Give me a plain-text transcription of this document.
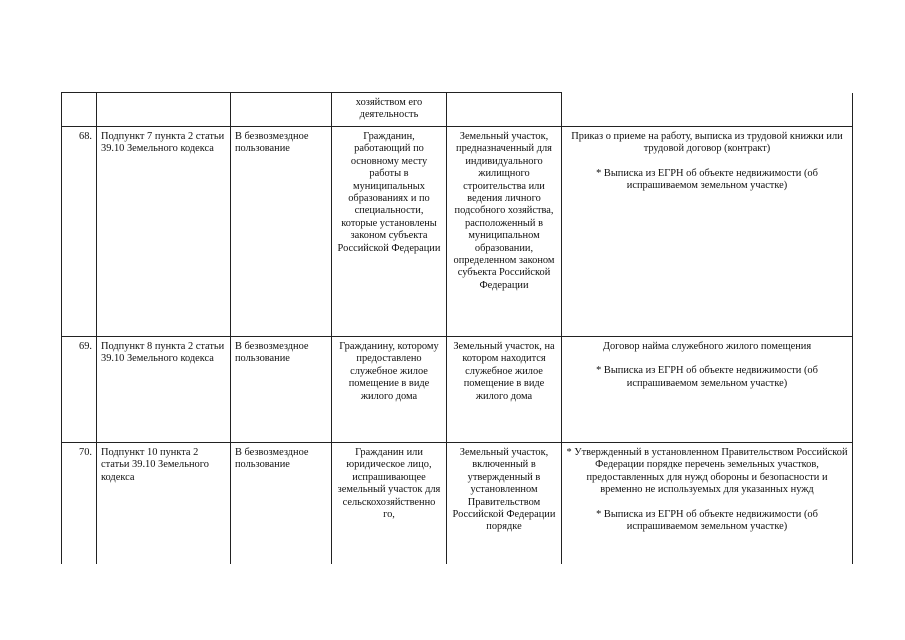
			хозяйством его деятельность		
68.	Подпункт 7 пункта 2 статьи 39.10 Земельного кодекса	В безвозмездное пользование	Гражданин, работающий по основному месту работы в муниципальных образованиях и по специальности, которые установлены законом субъекта Российской Федерации	Земельный участок, предназначенный для индивидуального жилищного строительства или ведения личного подсобного хозяйства, расположенный в муниципальном образовании, определенном законом субъекта Российской Федерации	Приказ о приеме на работу, выписка из трудовой книжки или трудовой договор (контракт)
* Выписка из ЕГРН об объекте недвижимости (об испрашиваемом земельном участке)

69.	Подпункт 8 пункта 2 статьи 39.10 Земельного кодекса	В безвозмездное пользование	Гражданину, которому предоставлено служебное жилое помещение в виде жилого дома	Земельный участок, на котором находится служебное жилое помещение в виде жилого дома	Договор найма служебного жилого помещения
* Выписка из ЕГРН об объекте недвижимости (об испрашиваемом земельном участке)

70.	Подпункт 10 пункта 2 статьи 39.10 Земельного кодекса	В безвозмездное пользование	Гражданин или юридическое лицо, испрашивающее земельный участок для сельскохозяйственно го,	Земельный участок, включенный в утвержденный в установленном Правительством Российской Федерации порядке	* Утвержденный в установленном Правительством Российской Федерации порядке перечень земельных участков, предоставленных для нужд обороны и безопасности и временно не используемых для указанных нужд
* Выписка из ЕГРН об объекте недвижимости (об испрашиваемом земельном участке)
